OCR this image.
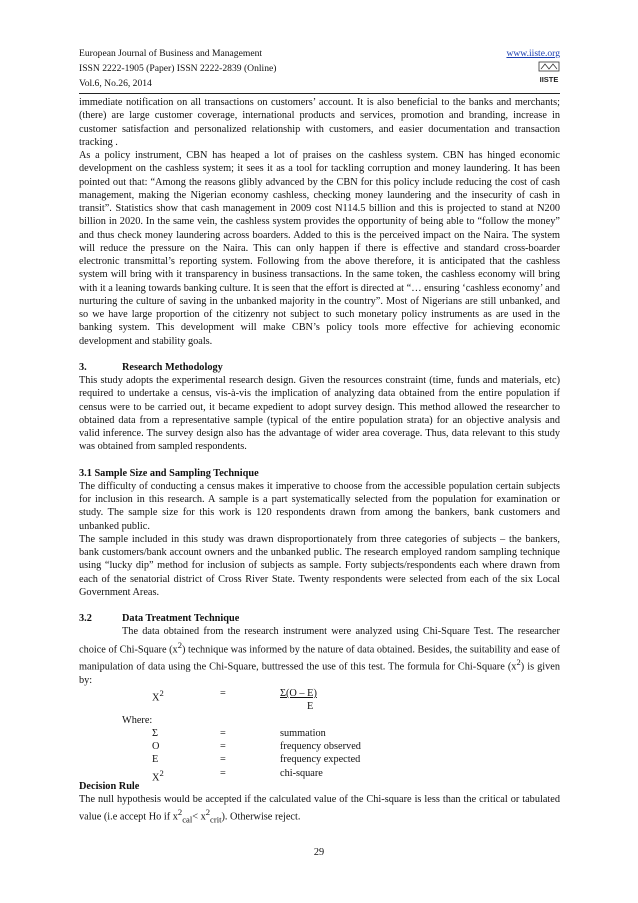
European Journal of Business and Management
ISSN 2222-1905 (Paper) ISSN 2222-2839 (Online)
Vol.6, No.26, 2014
www.iiste.org
IISTE

immediate notification on all transactions on customers’ account. It is also beneficial to the banks and merchants; (there) are large customer coverage, international products and services, promotion and branding, increase in customer satisfaction and personalized relationship with customers, and easier documentation and transaction tracking .

As a policy instrument, CBN has heaped a lot of praises on the cashless system. CBN has hinged economic development on the cashless system; it sees it as a tool for tackling corruption and money laundering. It has been pointed out that: “Among the reasons glibly advanced by the CBN for this policy include reducing the cost of cash management, making the Nigerian economy cashless, checking money laundering and the insecurity of cash in transit”. Statistics show that cash management in 2009 cost N114.5 billion and this is projected to stand at N200 billion in 2020. In the same vein, the cashless system provides the opportunity of being able to “follow the money” and thus check money laundering across boarders. Added to this is the perceived impact on the Naira. The system will reduce the pressure on the Naira. This can only happen if there is effective and standard cross-boarder electronic transmittal’s reporting system. Following from the above therefore, it is anticipated that the cashless system will bring with it transparency in business transactions. In the same token, the cashless economy will bring with it a leaning towards banking culture. It is seen that the effort is directed at “… ensuring ‘cashless economy’ and nurturing the culture of saving in the unbanked majority in the country”. Most of Nigerians are still unbanked, and so we have large proportion of the citizenry not subject to such monetary policy instruments as are used in the banking system. This development will make CBN’s policy tools more effective for achieving economic development and stability goals.

3.	Research Methodology

This study adopts the experimental research design. Given the resources constraint (time, funds and materials, etc) required to undertake a census, vis-à-vis the implication of analyzing data obtained from the entire population if census were to be carried out, it became expedient to adopt survey design. This method allowed the researcher to obtained data from a representative sample (typical of the entire population strata) for an objective analysis and valid inference. The survey design also has the advantage of wider area coverage. Thus, data relevant to this study was obtained from sampled respondents.

3.1 Sample Size and Sampling Technique

The difficulty of conducting a census makes it imperative to choose from the accessible population certain subjects for inclusion in this research. A sample is a part systematically selected from the population for examination or study. The sample size for this work is 120 respondents drawn from among the bankers, bank customers and unbanked public.

The sample included in this study was drawn disproportionately from three categories of subjects – the bankers, bank customers/bank account owners and the unbanked public. The research employed random sampling technique using “lucky dip” method for inclusion of subjects as sample. Forty subjects/respondents each where drawn from each of the senatorial district of Cross River State. Twenty respondents were selected from each of the six Local Government Areas.

3.2	Data Treatment Technique

The data obtained from the research instrument were analyzed using Chi-Square Test. The researcher choice of Chi-Square $(x^2)$ technique was informed by the nature of data obtained. Besides, the suitability and ease of manipulation of data using the Chi-Square, buttressed the use of this test. The formula for Chi-Square $(x^2)$ is given by:

$X^2$	=	Σ(O – E)
E
Where:
Σ	=	summation
O	=	frequency observed
E	=	frequency expected
$X^2$	=	chi-square

Decision Rule

The null hypothesis would be accepted if the calculated value of the Chi-square is less than the critical or tabulated value (i.e accept Ho if $x^2_{cal}< x^2_{crit}$). Otherwise reject.

29
